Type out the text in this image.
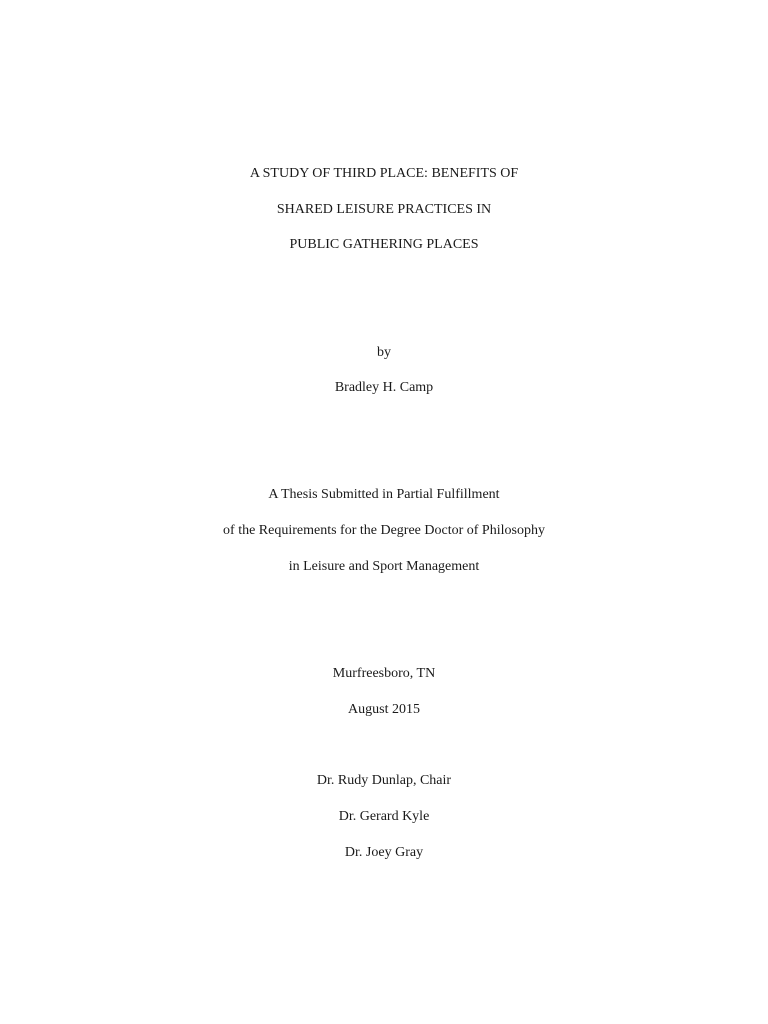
A STUDY OF THIRD PLACE: BENEFITS OF
SHARED LEISURE PRACTICES IN
PUBLIC GATHERING PLACES
by
Bradley H. Camp
A Thesis Submitted in Partial Fulfillment
of the Requirements for the Degree Doctor of Philosophy
in Leisure and Sport Management
Murfreesboro, TN
August 2015
Dr. Rudy Dunlap, Chair
Dr. Gerard Kyle
Dr. Joey Gray
